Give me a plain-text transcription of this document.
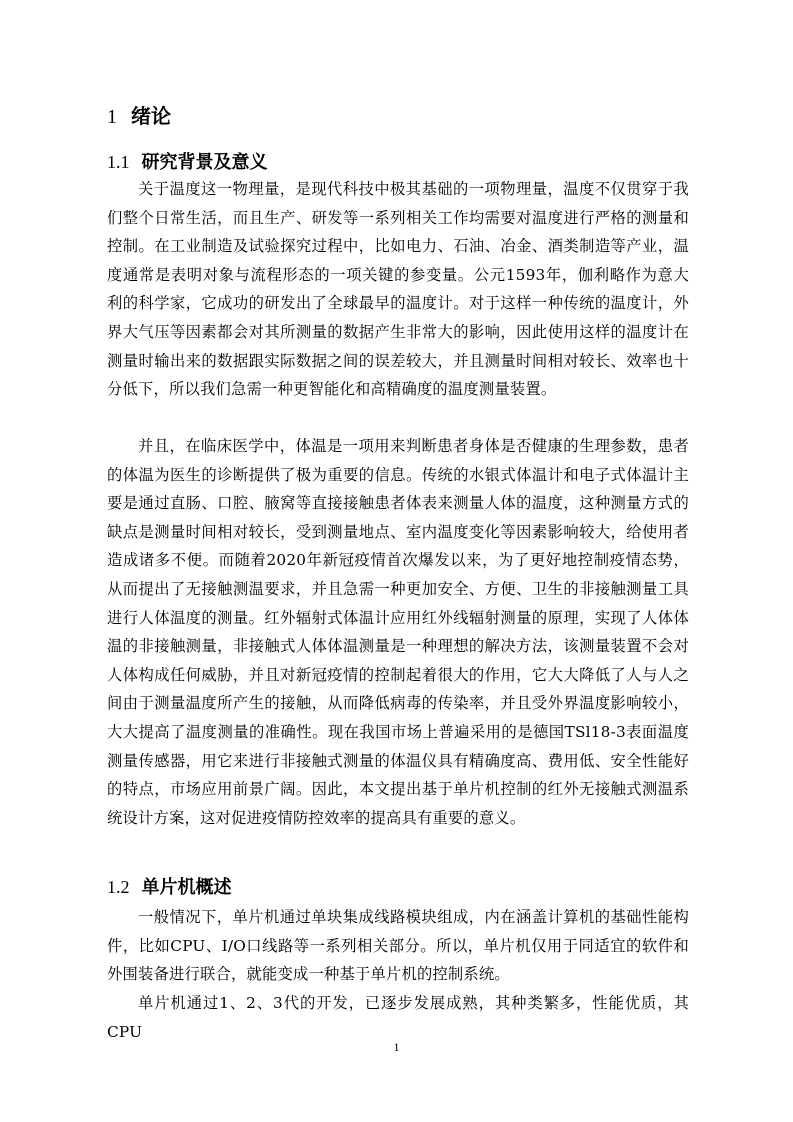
1 绪论
1.1 研究背景及意义

关于温度这一物理量，是现代科技中极其基础的一项物理量，温度不仅贯穿于我们整个日常生活，而且生产、研发等一系列相关工作均需要对温度进行严格的测量和控制。在工业制造及试验探究过程中，比如电力、石油、冶金、酒类制造等产业，温度通常是表明对象与流程形态的一项关键的参变量。公元1593年，伽利略作为意大利的科学家，它成功的研发出了全球最早的温度计。对于这样一种传统的温度计，外界大气压等因素都会对其所测量的数据产生非常大的影响，因此使用这样的温度计在测量时输出来的数据跟实际数据之间的误差较大，并且测量时间相对较长、效率也十分低下，所以我们急需一种更智能化和高精确度的温度测量装置。

并且，在临床医学中，体温是一项用来判断患者身体是否健康的生理参数，患者的体温为医生的诊断提供了极为重要的信息。传统的水银式体温计和电子式体温计主要是通过直肠、口腔、腋窝等直接接触患者体表来测量人体的温度，这种测量方式的缺点是测量时间相对较长，受到测量地点、室内温度变化等因素影响较大，给使用者造成诸多不便。而随着2020年新冠疫情首次爆发以来，为了更好地控制疫情态势，从而提出了无接触测温要求，并且急需一种更加安全、方便、卫生的非接触测量工具进行人体温度的测量。红外辐射式体温计应用红外线辐射测量的原理，实现了人体体温的非接触测量，非接触式人体体温测量是一种理想的解决方法，该测量装置不会对人体构成任何威胁，并且对新冠疫情的控制起着很大的作用，它大大降低了人与人之间由于测量温度所产生的接触，从而降低病毒的传染率，并且受外界温度影响较小，大大提高了温度测量的准确性。现在我国市场上普遍采用的是德国TSl18-3表面温度测量传感器，用它来进行非接触式测量的体温仪具有精确度高、费用低、安全性能好的特点，市场应用前景广阔。因此，本文提出基于单片机控制的红外无接触式测温系统设计方案，这对促进疫情防控效率的提高具有重要的意义。

1.2 单片机概述

一般情况下，单片机通过单块集成线路模块组成，内在涵盖计算机的基础性能构件，比如CPU、I/O口线路等一系列相关部分。所以，单片机仅用于同适宜的软件和外围装备进行联合，就能变成一种基于单片机的控制系统。

单片机通过1、2、3代的开发，已逐步发展成熟，其种类繁多，性能优质，其CPU

1
